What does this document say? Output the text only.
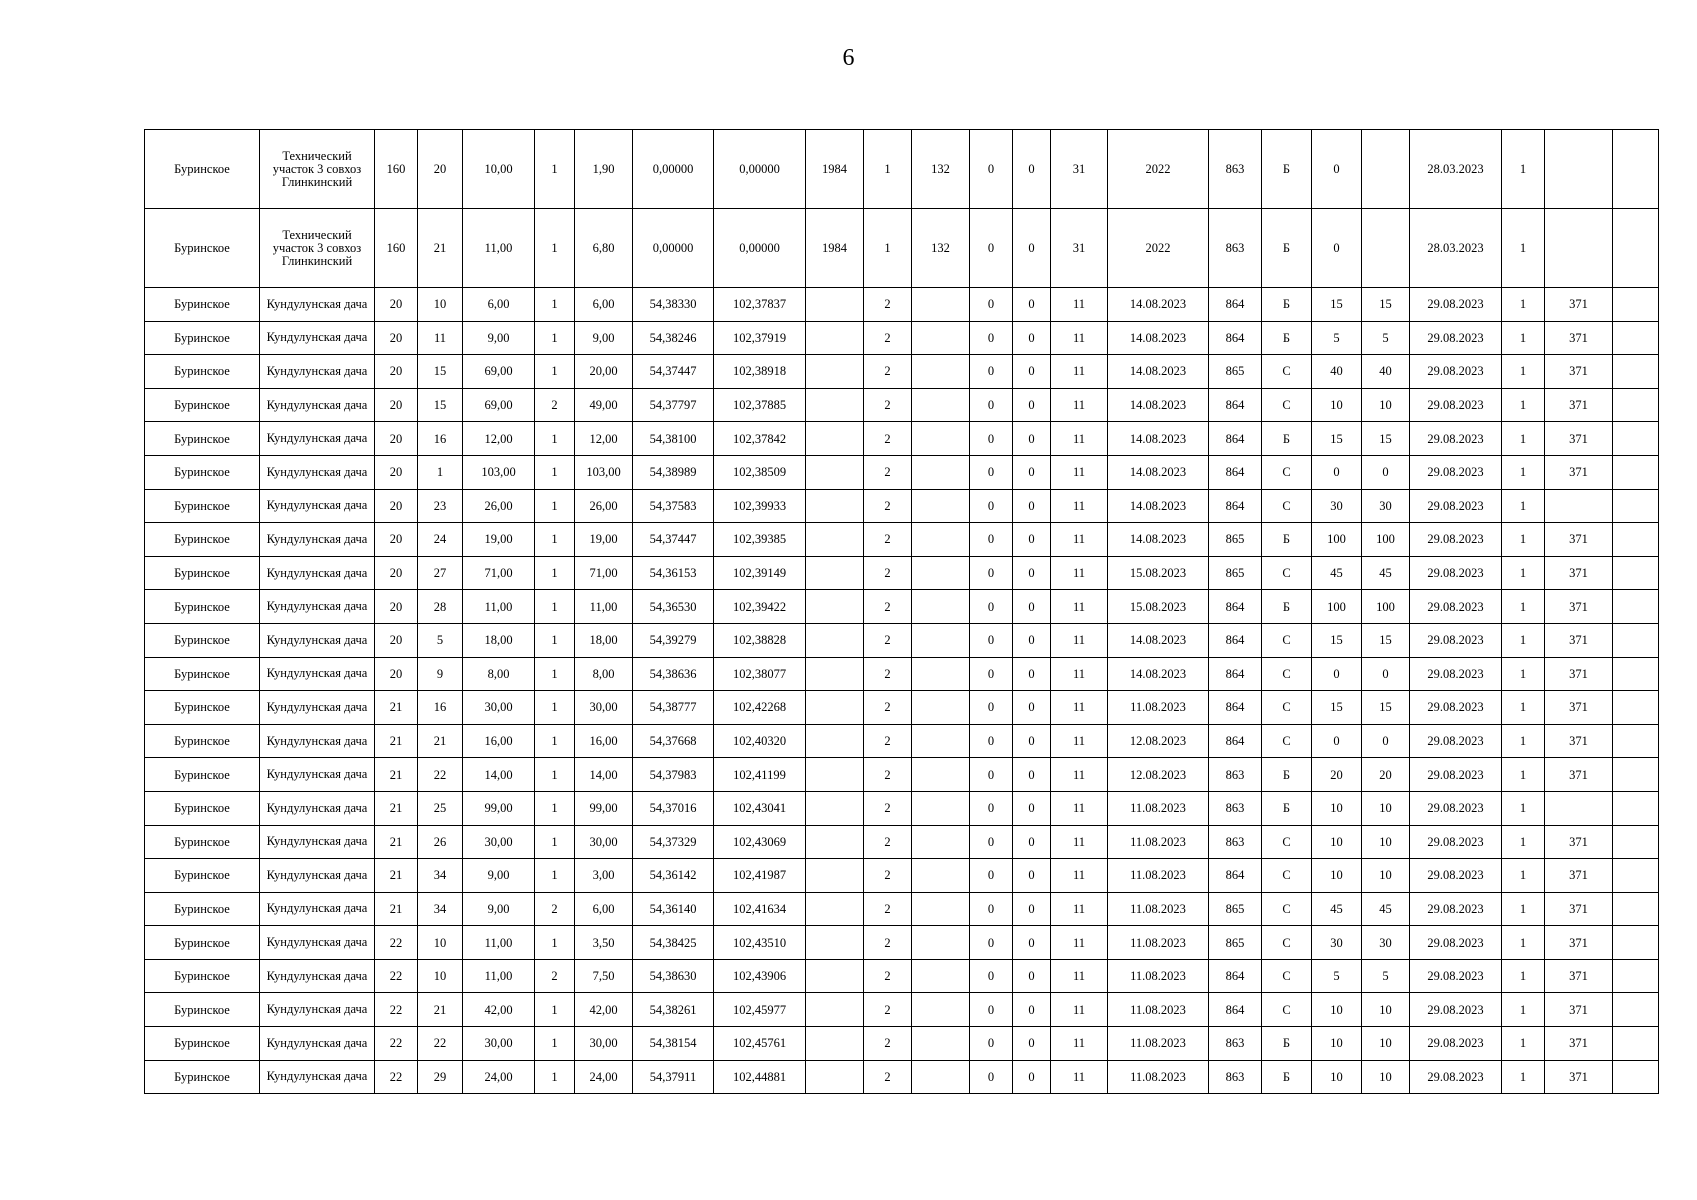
6
Буринское	Технический участок 3 совхоз Глинкинский	160	20	10,00	1	1,90	0,00000	0,00000	1984	1	132	0	0	31	2022	863	Б	0		28.03.2023	1		
Буринское	Технический участок 3 совхоз Глинкинский	160	21	11,00	1	6,80	0,00000	0,00000	1984	1	132	0	0	31	2022	863	Б	0		28.03.2023	1		
Буринское	Кундулунская дача	20	10	6,00	1	6,00	54,38330	102,37837		2		0	0	11	14.08.2023	864	Б	15	15	29.08.2023	1	371	
Буринское	Кундулунская дача	20	11	9,00	1	9,00	54,38246	102,37919		2		0	0	11	14.08.2023	864	Б	5	5	29.08.2023	1	371	
Буринское	Кундулунская дача	20	15	69,00	1	20,00	54,37447	102,38918		2		0	0	11	14.08.2023	865	С	40	40	29.08.2023	1	371	
Буринское	Кундулунская дача	20	15	69,00	2	49,00	54,37797	102,37885		2		0	0	11	14.08.2023	864	С	10	10	29.08.2023	1	371	
Буринское	Кундулунская дача	20	16	12,00	1	12,00	54,38100	102,37842		2		0	0	11	14.08.2023	864	Б	15	15	29.08.2023	1	371	
Буринское	Кундулунская дача	20	1	103,00	1	103,00	54,38989	102,38509		2		0	0	11	14.08.2023	864	С	0	0	29.08.2023	1	371	
Буринское	Кундулунская дача	20	23	26,00	1	26,00	54,37583	102,39933		2		0	0	11	14.08.2023	864	С	30	30	29.08.2023	1		
Буринское	Кундулунская дача	20	24	19,00	1	19,00	54,37447	102,39385		2		0	0	11	14.08.2023	865	Б	100	100	29.08.2023	1	371	
Буринское	Кундулунская дача	20	27	71,00	1	71,00	54,36153	102,39149		2		0	0	11	15.08.2023	865	С	45	45	29.08.2023	1	371	
Буринское	Кундулунская дача	20	28	11,00	1	11,00	54,36530	102,39422		2		0	0	11	15.08.2023	864	Б	100	100	29.08.2023	1	371	
Буринское	Кундулунская дача	20	5	18,00	1	18,00	54,39279	102,38828		2		0	0	11	14.08.2023	864	С	15	15	29.08.2023	1	371	
Буринское	Кундулунская дача	20	9	8,00	1	8,00	54,38636	102,38077		2		0	0	11	14.08.2023	864	С	0	0	29.08.2023	1	371	
Буринское	Кундулунская дача	21	16	30,00	1	30,00	54,38777	102,42268		2		0	0	11	11.08.2023	864	С	15	15	29.08.2023	1	371	
Буринское	Кундулунская дача	21	21	16,00	1	16,00	54,37668	102,40320		2		0	0	11	12.08.2023	864	С	0	0	29.08.2023	1	371	
Буринское	Кундулунская дача	21	22	14,00	1	14,00	54,37983	102,41199		2		0	0	11	12.08.2023	863	Б	20	20	29.08.2023	1	371	
Буринское	Кундулунская дача	21	25	99,00	1	99,00	54,37016	102,43041		2		0	0	11	11.08.2023	863	Б	10	10	29.08.2023	1		
Буринское	Кундулунская дача	21	26	30,00	1	30,00	54,37329	102,43069		2		0	0	11	11.08.2023	863	С	10	10	29.08.2023	1	371	
Буринское	Кундулунская дача	21	34	9,00	1	3,00	54,36142	102,41987		2		0	0	11	11.08.2023	864	С	10	10	29.08.2023	1	371	
Буринское	Кундулунская дача	21	34	9,00	2	6,00	54,36140	102,41634		2		0	0	11	11.08.2023	865	С	45	45	29.08.2023	1	371	
Буринское	Кундулунская дача	22	10	11,00	1	3,50	54,38425	102,43510		2		0	0	11	11.08.2023	865	С	30	30	29.08.2023	1	371	
Буринское	Кундулунская дача	22	10	11,00	2	7,50	54,38630	102,43906		2		0	0	11	11.08.2023	864	С	5	5	29.08.2023	1	371	
Буринское	Кундулунская дача	22	21	42,00	1	42,00	54,38261	102,45977		2		0	0	11	11.08.2023	864	С	10	10	29.08.2023	1	371	
Буринское	Кундулунская дача	22	22	30,00	1	30,00	54,38154	102,45761		2		0	0	11	11.08.2023	863	Б	10	10	29.08.2023	1	371	
Буринское	Кундулунская дача	22	29	24,00	1	24,00	54,37911	102,44881		2		0	0	11	11.08.2023	863	Б	10	10	29.08.2023	1	371	
